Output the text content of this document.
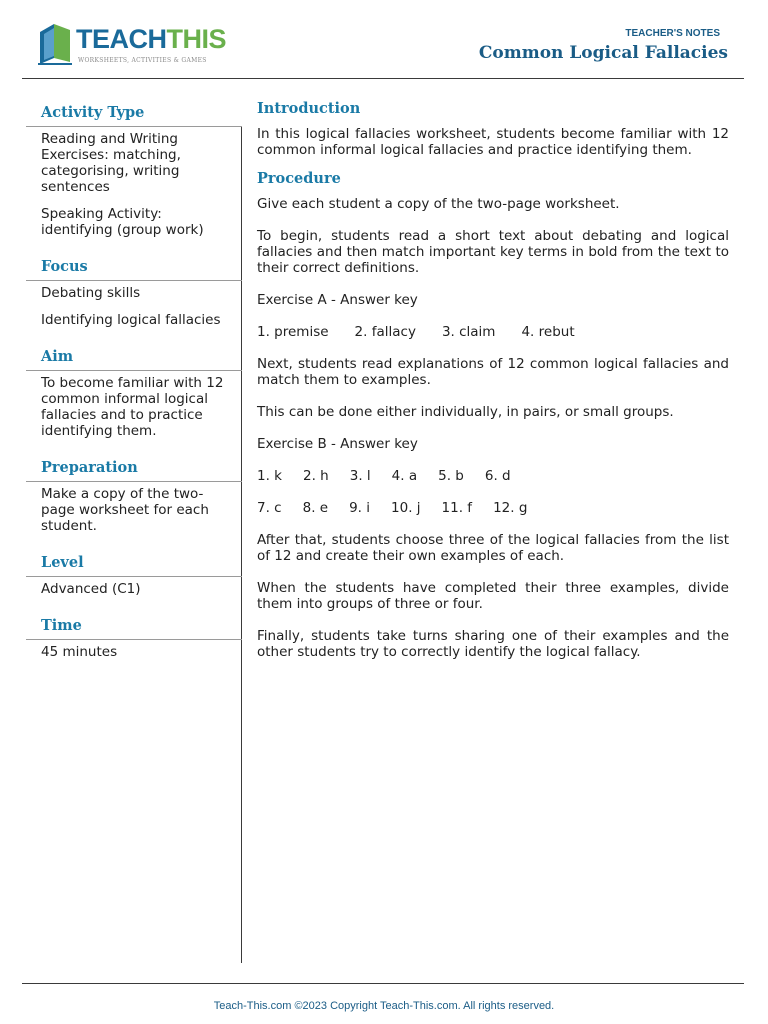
TEACHTHIS
WORKSHEETS, ACTIVITIES & GAMES
TEACHER'S NOTES
Common Logical Fallacies
Activity Type

Reading and Writing Exercises: matching, categorising, writing sentences

Speaking Activity: identifying (group work)

Focus

Debating skills

Identifying logical fallacies

Aim

To become familiar with 12 common informal logical fallacies and to practice identifying them.

Preparation

Make a copy of the two-page worksheet for each student.

Level

Advanced (C1)

Time

45 minutes

Introduction

In this logical fallacies worksheet, students become familiar with 12 common informal logical fallacies and practice identifying them.

Procedure

Give each student a copy of the two-page worksheet.

To begin, students read a short text about debating and logical fallacies and then match important key terms in bold from the text to their correct definitions.

Exercise A - Answer key

1. premise 2. fallacy 3. claim 4. rebut

Next, students read explanations of 12 common logical fallacies and match them to examples.

This can be done either individually, in pairs, or small groups.

Exercise B - Answer key

1. k 2. h 3. l 4. a 5. b 6. d
7. c 8. e 9. i 10. j 11. f 12. g

After that, students choose three of the logical fallacies from the list of 12 and create their own examples of each.

When the students have completed their three examples, divide them into groups of three or four.

Finally, students take turns sharing one of their examples and the other students try to correctly identify the logical fallacy.

Teach-This.com ©2023 Copyright Teach-This.com. All rights reserved.
